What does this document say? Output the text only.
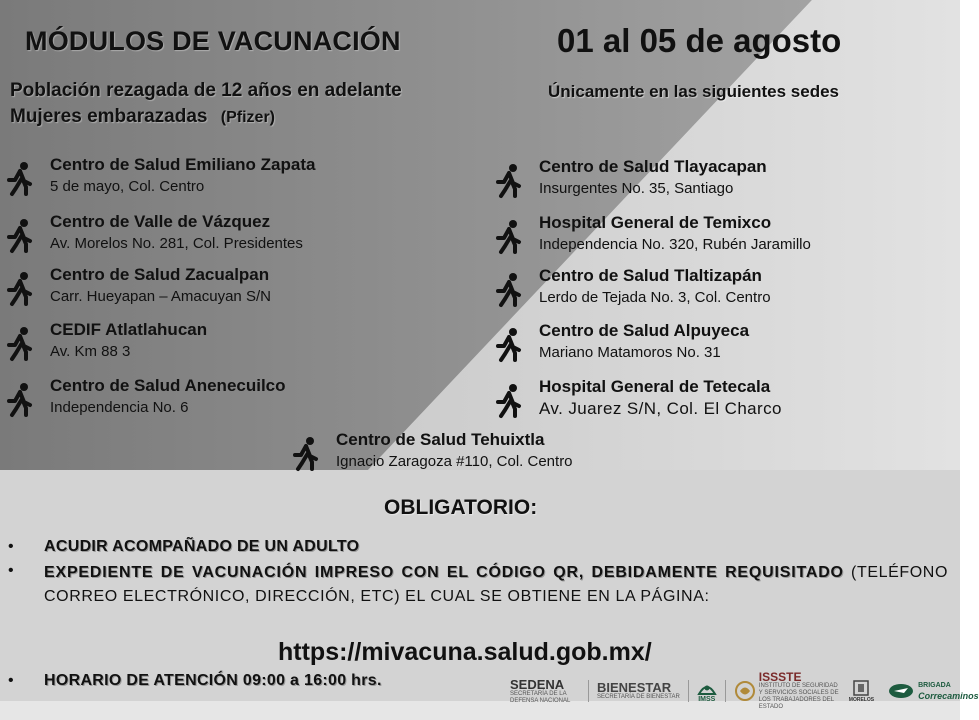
MÓDULOS DE VACUNACIÓN	01 al 05 de agosto
Población rezagada de 12 años en adelante
Mujeres embarazadas (Pfizer)
Únicamente en las siguientes sedes
Centro de Salud Emiliano Zapata
5 de mayo, Col. Centro
Centro de Valle de Vázquez
Av. Morelos No. 281, Col. Presidentes
Centro de Salud Zacualpan
Carr. Hueyapan – Amacuyan S/N
CEDIF Atlatlahucan
Av. Km 88 3
Centro de Salud Anenecuilco
Independencia No. 6
Centro de Salud Tlayacapan
Insurgentes No. 35, Santiago
Hospital General de Temixco
Independencia No. 320, Rubén Jaramillo
Centro de Salud Tlaltizapán
Lerdo de Tejada No. 3, Col. Centro
Centro de Salud Alpuyeca
Mariano Matamoros No. 31
Hospital General de Tetecala
Av. Juarez S/N, Col. El Charco
Centro de Salud Tehuixtla
Ignacio Zaragoza #110, Col. Centro
OBLIGATORIO:
• ACUDIR ACOMPAÑADO DE UN ADULTO
• EXPEDIENTE DE VACUNACIÓN IMPRESO CON EL CÓDIGO QR, DEBIDAMENTE REQUISITADO (TELÉFONO CORREO ELECTRÓNICO, DIRECCIÓN, ETC) EL CUAL SE OBTIENE EN LA PÁGINA:
https://mivacuna.salud.gob.mx/
• HORARIO DE ATENCIÓN 09:00 a 16:00 hrs.	SEDENA
SECRETARÍA DE LA DEFENSA NACIONAL
BIENESTAR
SECRETARÍA DE BIENESTAR	IMSS
ISSSTE
INSTITUTO DE SEGURIDAD Y SERVICIOS SOCIALES DE LOS TRABAJADORES DEL ESTADO
MORELOS
BRIGADA
Correcaminos
